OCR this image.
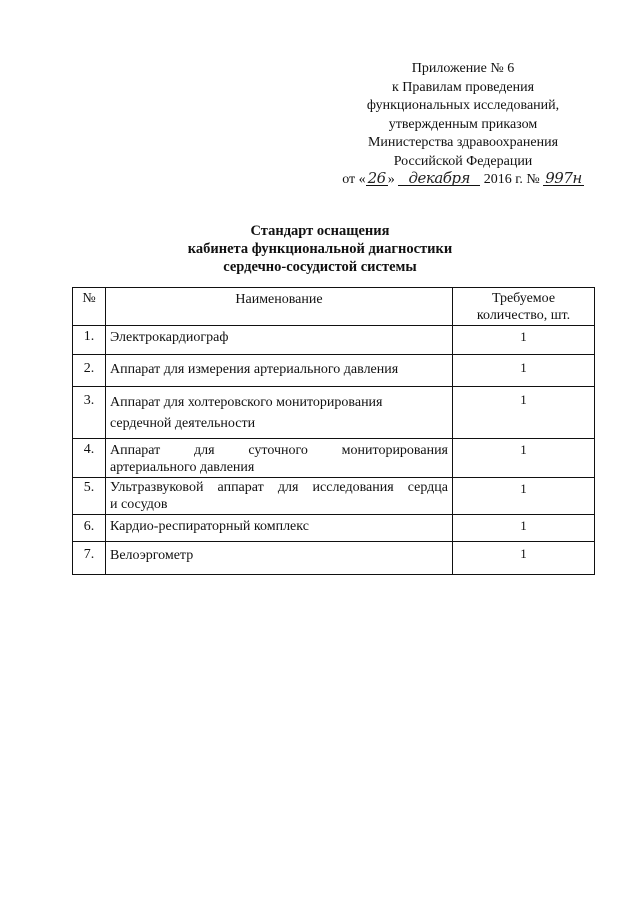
Приложение № 6
к Правилам проведения
функциональных исследований,
утвержденным приказом
Министерства здравоохранения
Российской Федерации
от « 26 » декабря 2016 г. № 997н
Стандарт оснащения
кабинета функциональной диагностики
сердечно-сосудистой системы
№	Наименование	Требуемое
количество, шт.

1.	Электрокардиограф	1
2.	Аппарат для измерения артериального давления	1
3.	Аппарат для холтеровского мониторирования
сердечной деятельности	1
4.	Аппарат для суточного мониторирования
артериального давления	1
5.	Ультразвуковой аппарат для исследования сердца
и сосудов	1
6.	Кардио-респираторный комплекс	1
7.	Велоэргометр	1
